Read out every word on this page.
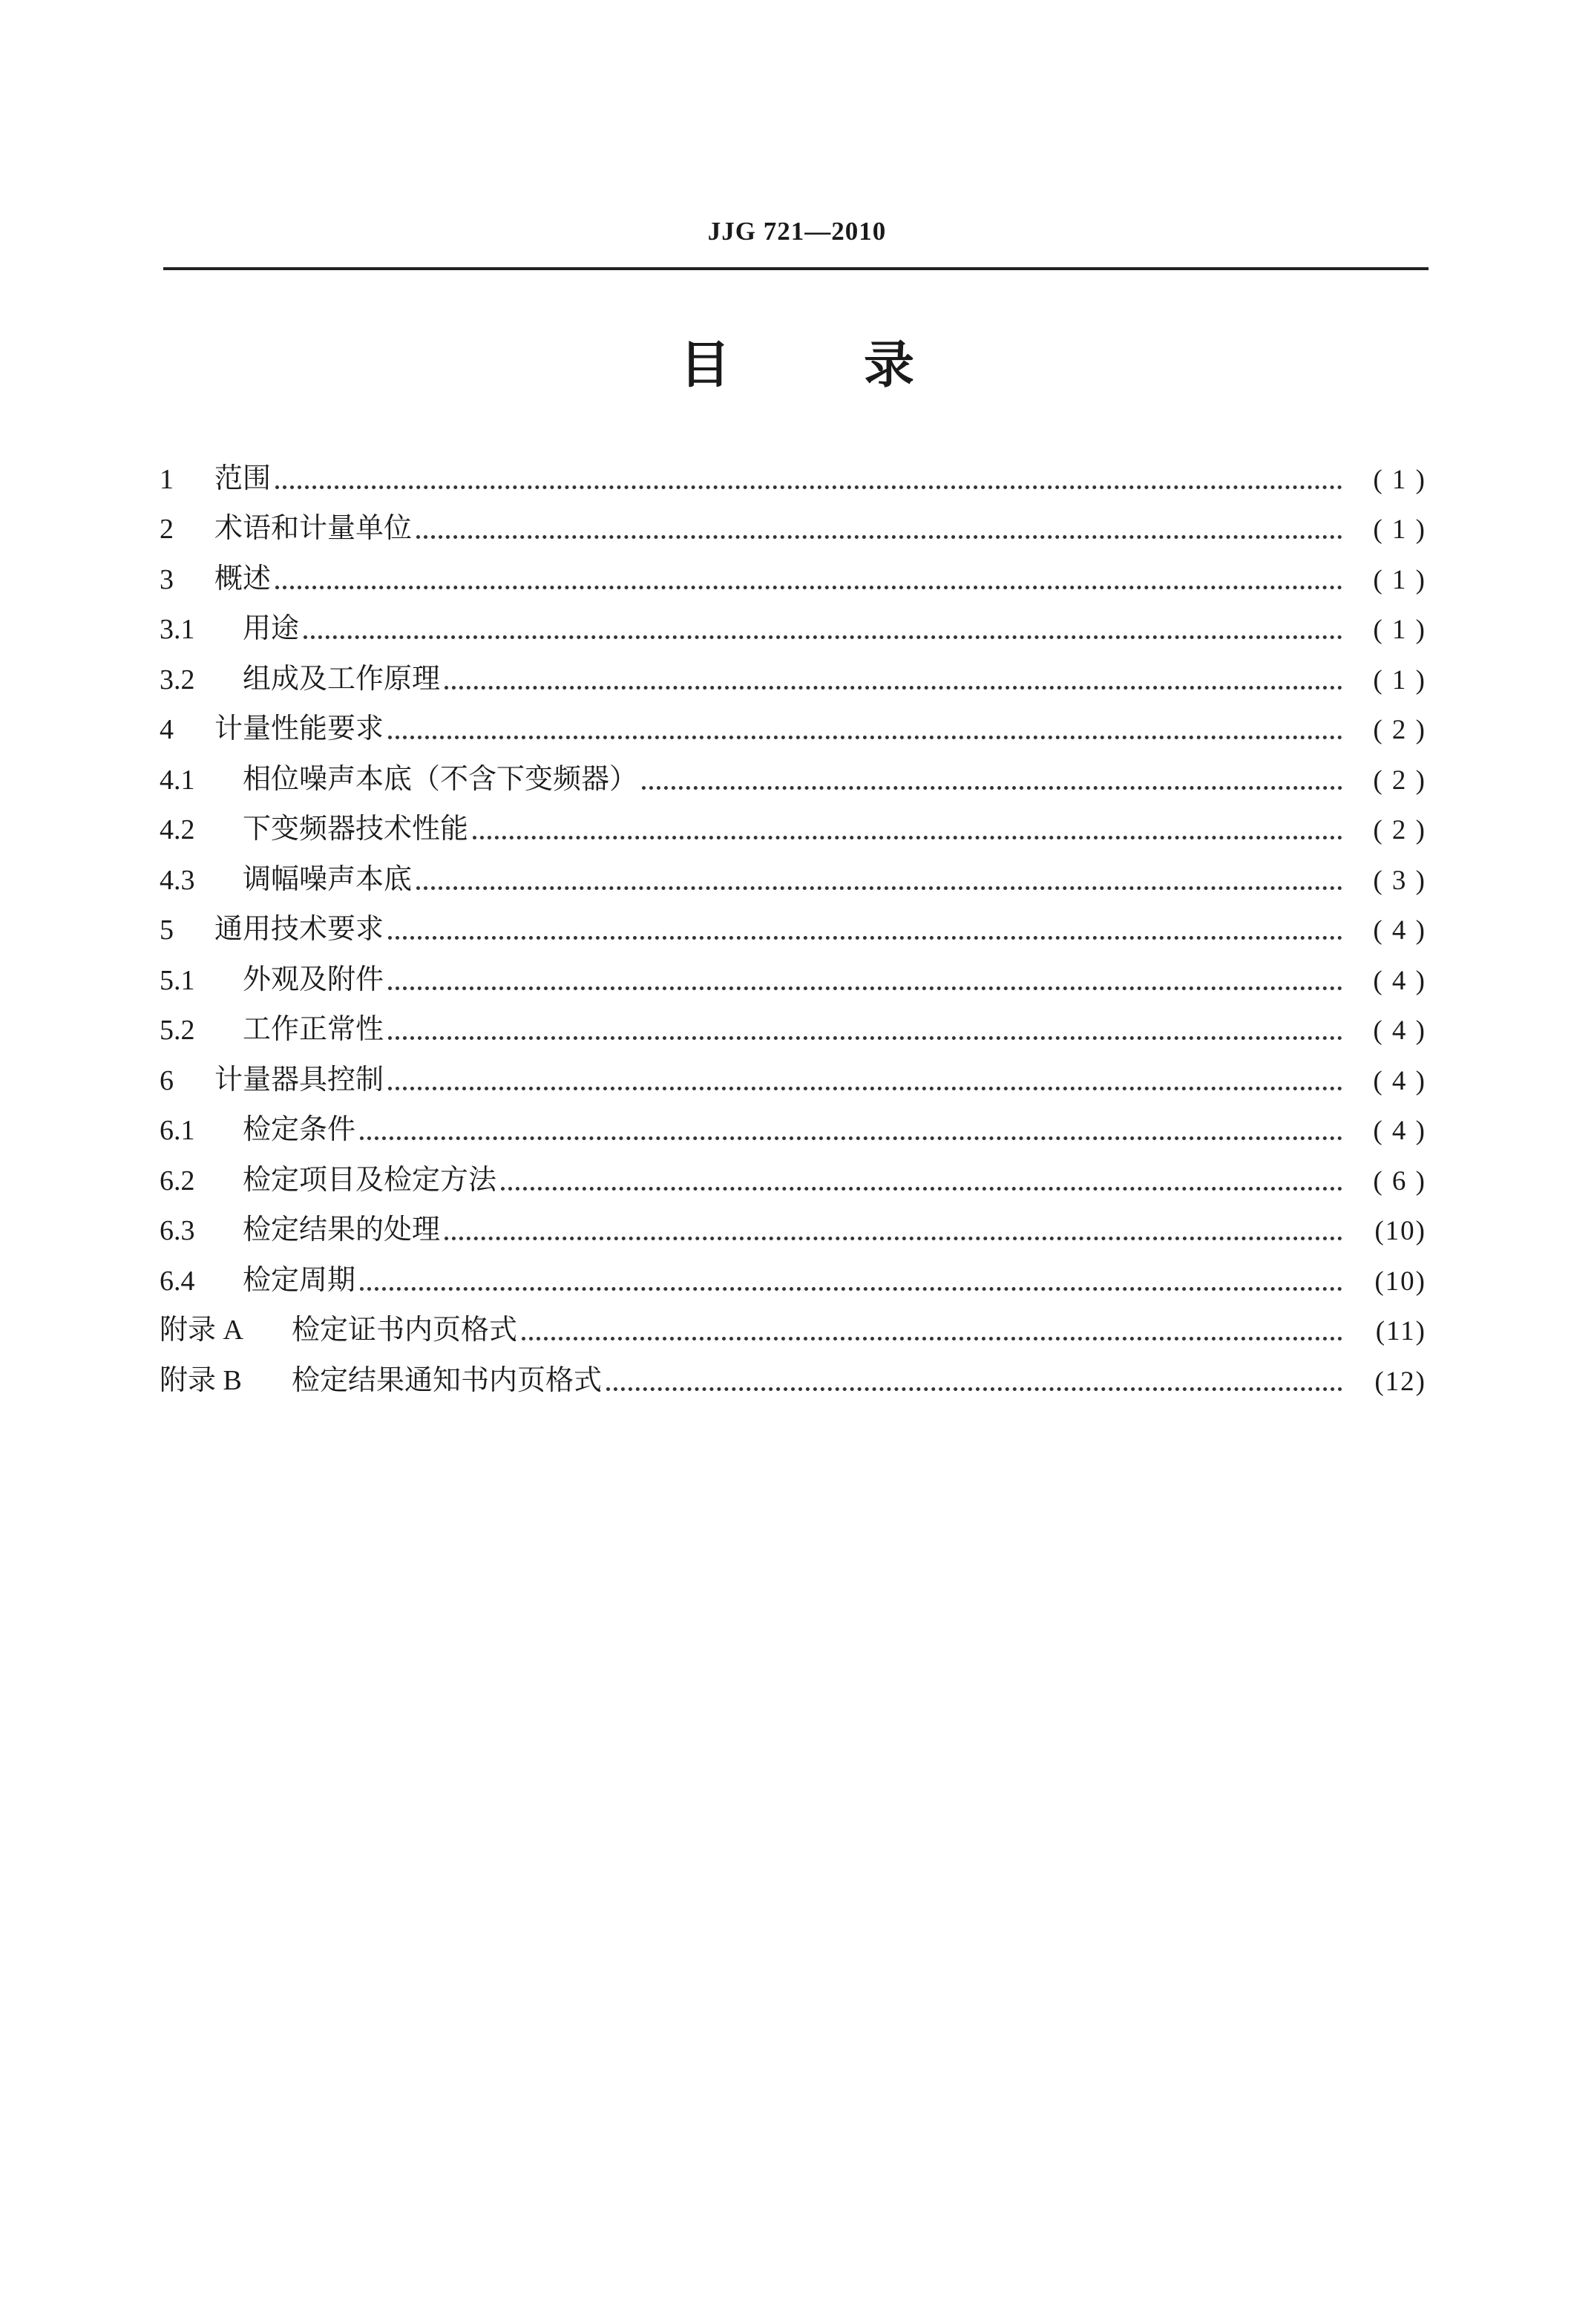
JJG 721—2010
目	录
1	范围	( 1 )
2	术语和计量单位	( 1 )
3	概述	( 1 )
3.1	用途	( 1 )
3.2	组成及工作原理	( 1 )
4	计量性能要求	( 2 )
4.1	相位噪声本底（不含下变频器）	( 2 )
4.2	下变频器技术性能	( 2 )
4.3	调幅噪声本底	( 3 )
5	通用技术要求	( 4 )
5.1	外观及附件	( 4 )
5.2	工作正常性	( 4 )
6	计量器具控制	( 4 )
6.1	检定条件	( 4 )
6.2	检定项目及检定方法	( 6 )
6.3	检定结果的处理	(10)
6.4	检定周期	(10)
附录 A	检定证书内页格式	(11)
附录 B	检定结果通知书内页格式	(12)
